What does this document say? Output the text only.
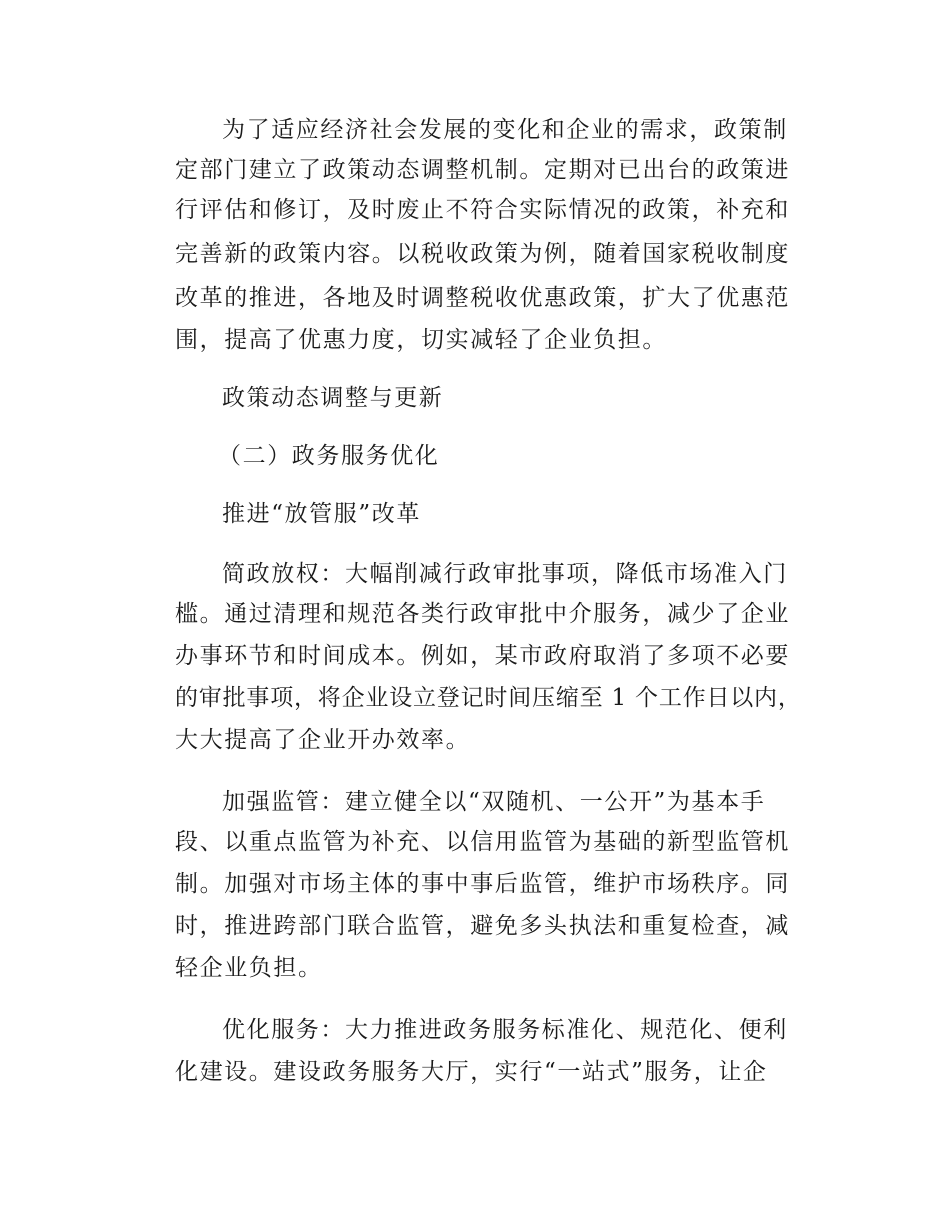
为了适应经济社会发展的变化和企业的需求，政策制
定部门建立了政策动态调整机制。定期对已出台的政策进
行评估和修订，及时废止不符合实际情况的政策，补充和
完善新的政策内容。以税收政策为例，随着国家税收制度
改革的推进，各地及时调整税收优惠政策，扩大了优惠范
围，提高了优惠力度，切实减轻了企业负担。
政策动态调整与更新
（二）政务服务优化
推进“放管服”改革
简政放权：大幅削减行政审批事项，降低市场准入门
槛。通过清理和规范各类行政审批中介服务，减少了企业
办事环节和时间成本。例如，某市政府取消了多项不必要
的审批事项，将企业设立登记时间压缩至 1 个工作日以内，
大大提高了企业开办效率。
加强监管：建立健全以“双随机、一公开”为基本手
段、以重点监管为补充、以信用监管为基础的新型监管机
制。加强对市场主体的事中事后监管，维护市场秩序。同
时，推进跨部门联合监管，避免多头执法和重复检查，减
轻企业负担。
优化服务：大力推进政务服务标准化、规范化、便利
化建设。建设政务服务大厅，实行“一站式”服务，让企
